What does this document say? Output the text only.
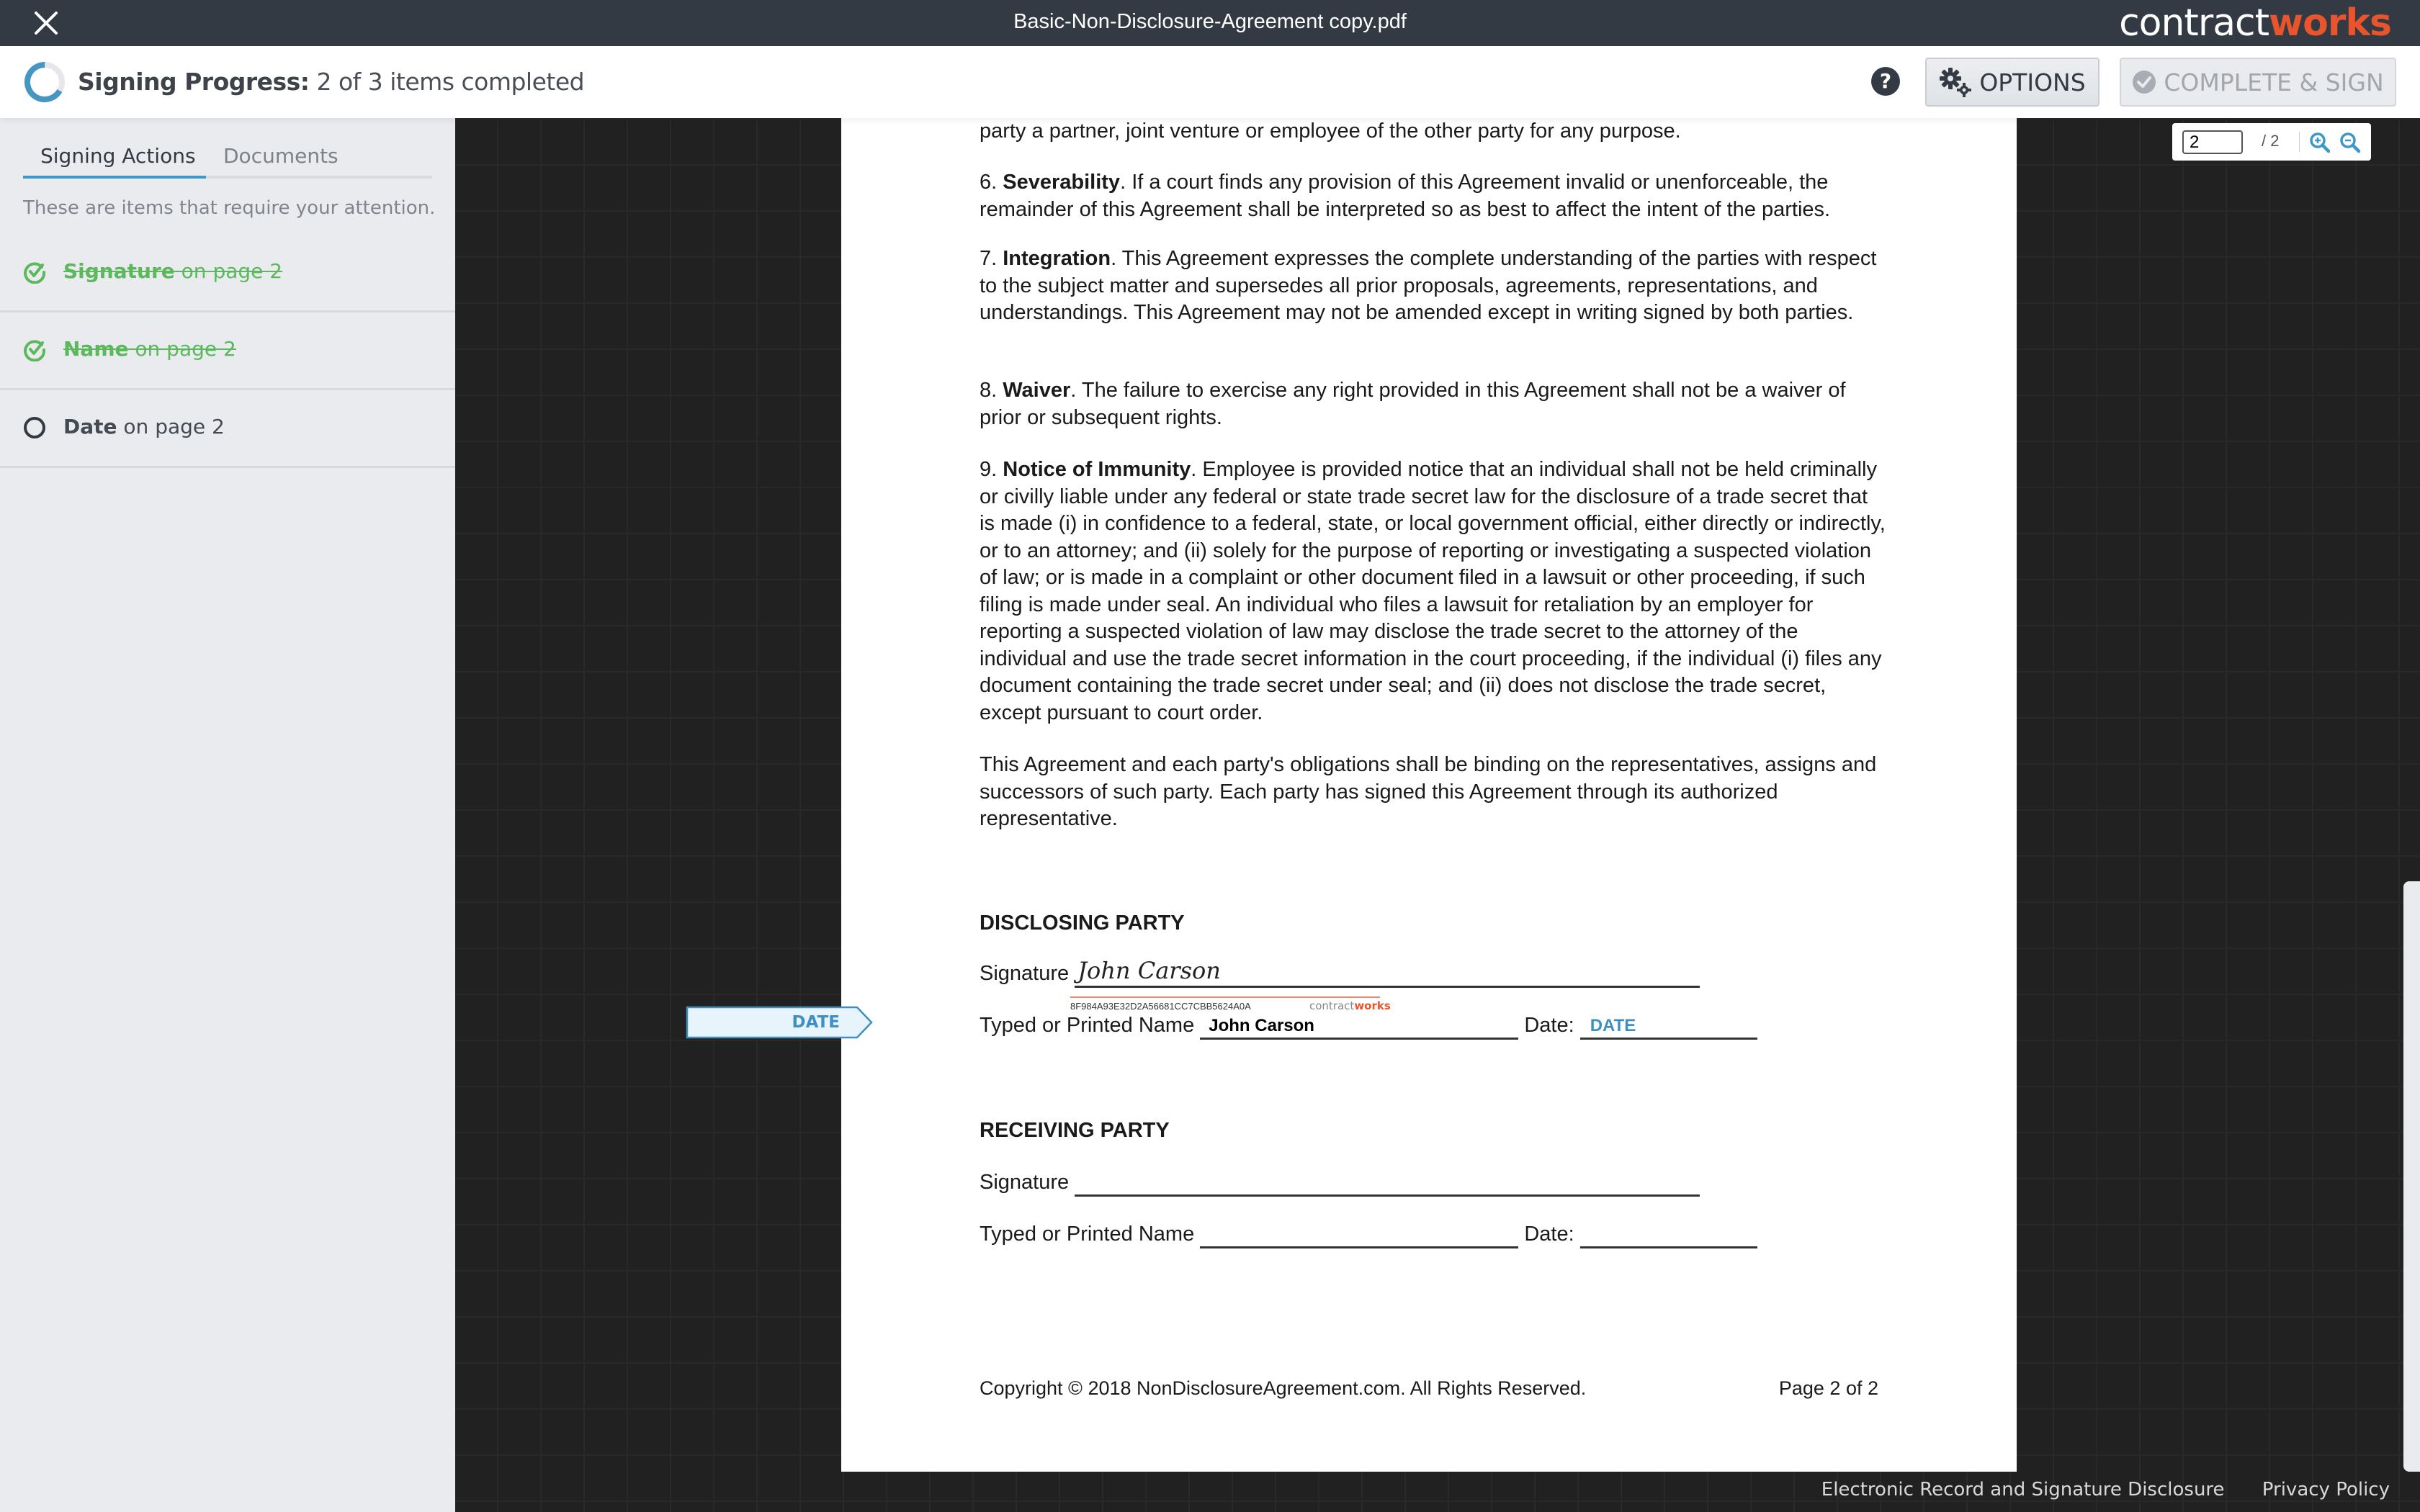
Basic-Non-Disclosure-Agreement copy.pdf	contractworks
Signing Progress: 2 of 3 items completed	?	OPTIONS	COMPLETE & SIGN
Signing Actions Documents
These are items that require your attention.
Signature on page 2
Name on page 2
Date on page 2
2
/ 2
party a partner, joint venture or employee of the other party for any purpose.
6. Severability. If a court finds any provision of this Agreement invalid or unenforceable, the remainder of this Agreement shall be interpreted so as best to affect the intent of the parties.
7. Integration. This Agreement expresses the complete understanding of the parties with respect to the subject matter and supersedes all prior proposals, agreements, representations, and understandings. This Agreement may not be amended except in writing signed by both parties.
8. Waiver. The failure to exercise any right provided in this Agreement shall not be a waiver of prior or subsequent rights.
9. Notice of Immunity. Employee is provided notice that an individual shall not be held criminally or civilly liable under any federal or state trade secret law for the disclosure of a trade secret that is made (i) in confidence to a federal, state, or local government official, either directly or indirectly, or to an attorney; and (ii) solely for the purpose of reporting or investigating a suspected violation of law; or is made in a complaint or other document filed in a lawsuit or other proceeding, if such filing is made under seal. An individual who files a lawsuit for retaliation by an employer for reporting a suspected violation of law may disclose the trade secret to the attorney of the individual and use the trade secret information in the court proceeding, if the individual (i) files any document containing the trade secret under seal; and (ii) does not disclose the trade secret, except pursuant to court order.
This Agreement and each party's obligations shall be binding on the representatives, assigns and successors of such party. Each party has signed this Agreement through its authorized representative.
DISCLOSING PARTY
Signature John Carson
Typed or Printed Name John Carson	Date: DATE
RECEIVING PARTY
Signature
Typed or Printed Name	Date:
Copyright © 2018 NonDisclosureAgreement.com. All Rights Reserved.	Page 2 of 2
8F984A93E32D2A56681CC7CBB5624A0A	contractworks
DATE
Electronic Record and Signature Disclosure Privacy Policy
